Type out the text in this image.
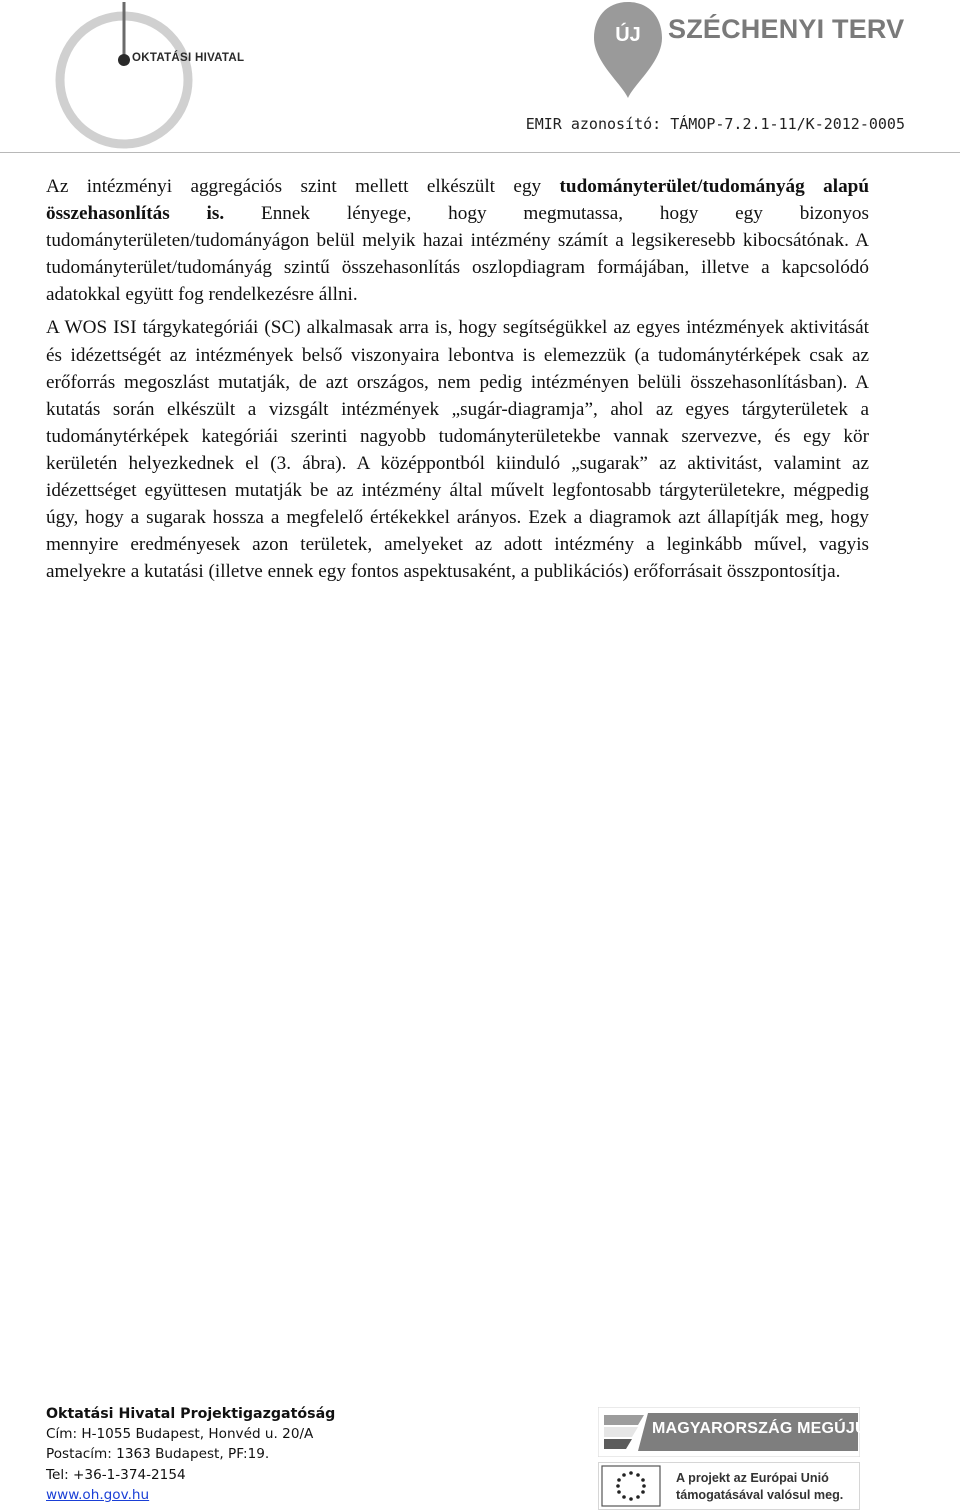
OKTATÁSI HIVATAL
ÚJ	SZÉCHENYI TERV
EMIR azonosító: TÁMOP-7.2.1-11/K-2012-0005

Az intézményi aggregációs szint mellett elkészült egy tudományterület/tudományág alapú összehasonlítás is. Ennek lényege, hogy megmutassa, hogy egy bizonyos tudományterületen/tudományágon belül melyik hazai intézmény számít a legsikeresebb kibocsátónak. A tudományterület/tudományág szintű összehasonlítás oszlopdiagram formájában, illetve a kapcsolódó adatokkal együtt fog rendelkezésre állni.

A WOS ISI tárgykategóriái (SC) alkalmasak arra is, hogy segítségükkel az egyes intézmények aktivitását és idézettségét az intézmények belső viszonyaira lebontva is elemezzük (a tudománytérképek csak az erőforrás megoszlást mutatják, de azt országos, nem pedig intézményen belüli összehasonlításban). A kutatás során elkészült a vizsgált intézmények „sugár-diagramja”, ahol az egyes tárgyterületek a tudománytérképek kategóriái szerinti nagyobb tudományterületekbe vannak szervezve, és egy kör kerületén helyezkednek el (3. ábra). A középpontból kiinduló „sugarak” az aktivitást, valamint az idézettséget együttesen mutatják be az intézmény által művelt legfontosabb tárgyterületekre, mégpedig úgy, hogy a sugarak hossza a megfelelő értékekkel arányos. Ezek a diagramok azt állapítják meg, hogy mennyire eredményesek azon területek, amelyeket az adott intézmény a leginkább művel, vagyis amelyekre a kutatási (illetve ennek egy fontos aspektusaként, a publikációs) erőforrásait összpontosítja.

Oktatási Hivatal Projektigazgatóság
Cím: H-1055 Budapest, Honvéd u. 20/A
Postacím: 1363 Budapest, PF:19.
Tel: +36-1-374-2154
www.oh.gov.hu
MAGYARORSZÁG MEGÚJUL
A projekt az Európai Unió
támogatásával valósul meg.
